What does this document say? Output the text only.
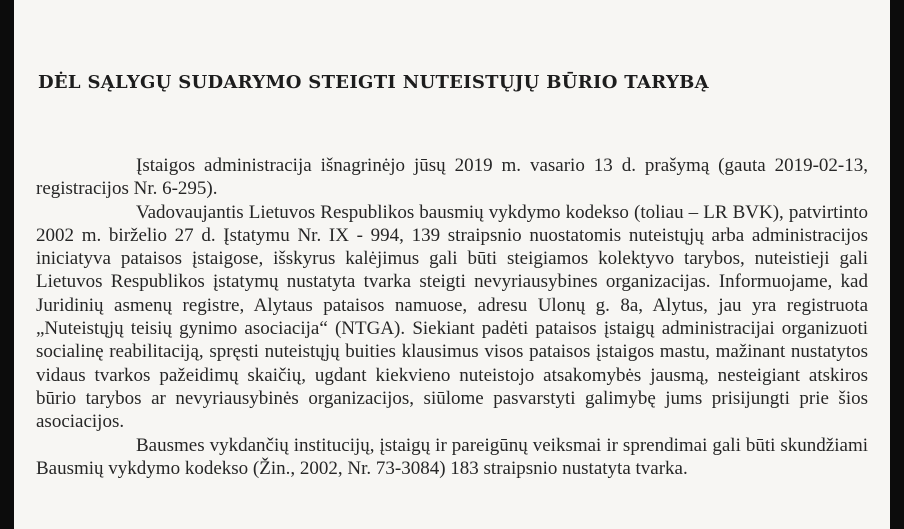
DĖL SĄLYGŲ SUDARYMO STEIGTI NUTEISTŲJŲ BŪRIO TARYBĄ

Įstaigos administracija išnagrinėjo jūsų 2019 m. vasario 13 d. prašymą (gauta 2019-02-13, registracijos Nr. 6-295).

Vadovaujantis Lietuvos Respublikos bausmių vykdymo kodekso (toliau – LR BVK), patvirtinto 2002 m. birželio 27 d. Įstatymu Nr. IX - 994, 139 straipsnio nuostatomis nuteistųjų arba administracijos iniciatyva pataisos įstaigose, išskyrus kalėjimus gali būti steigiamos kolektyvo tarybos, nuteistieji gali Lietuvos Respublikos įstatymų nustatyta tvarka steigti nevyriausybines organizacijas. Informuojame, kad Juridinių asmenų registre, Alytaus pataisos namuose, adresu Ulonų g. 8a, Alytus, jau yra registruota „Nuteistųjų teisių gynimo asociacija“ (NTGA). Siekiant padėti pataisos įstaigų administracijai organizuoti socialinę reabilitaciją, spręsti nuteistųjų buities klausimus visos pataisos įstaigos mastu, mažinant nustatytos vidaus tvarkos pažeidimų skaičių, ugdant kiekvieno nuteistojo atsakomybės jausmą, nesteigiant atskiros būrio tarybos ar nevyriausybinės organizacijos, siūlome pasvarstyti galimybę jums prisijungti prie šios asociacijos.

Bausmes vykdančių institucijų, įstaigų ir pareigūnų veiksmai ir sprendimai gali būti skundžiami Bausmių vykdymo kodekso (Žin., 2002, Nr. 73-3084) 183 straipsnio nustatyta tvarka.
